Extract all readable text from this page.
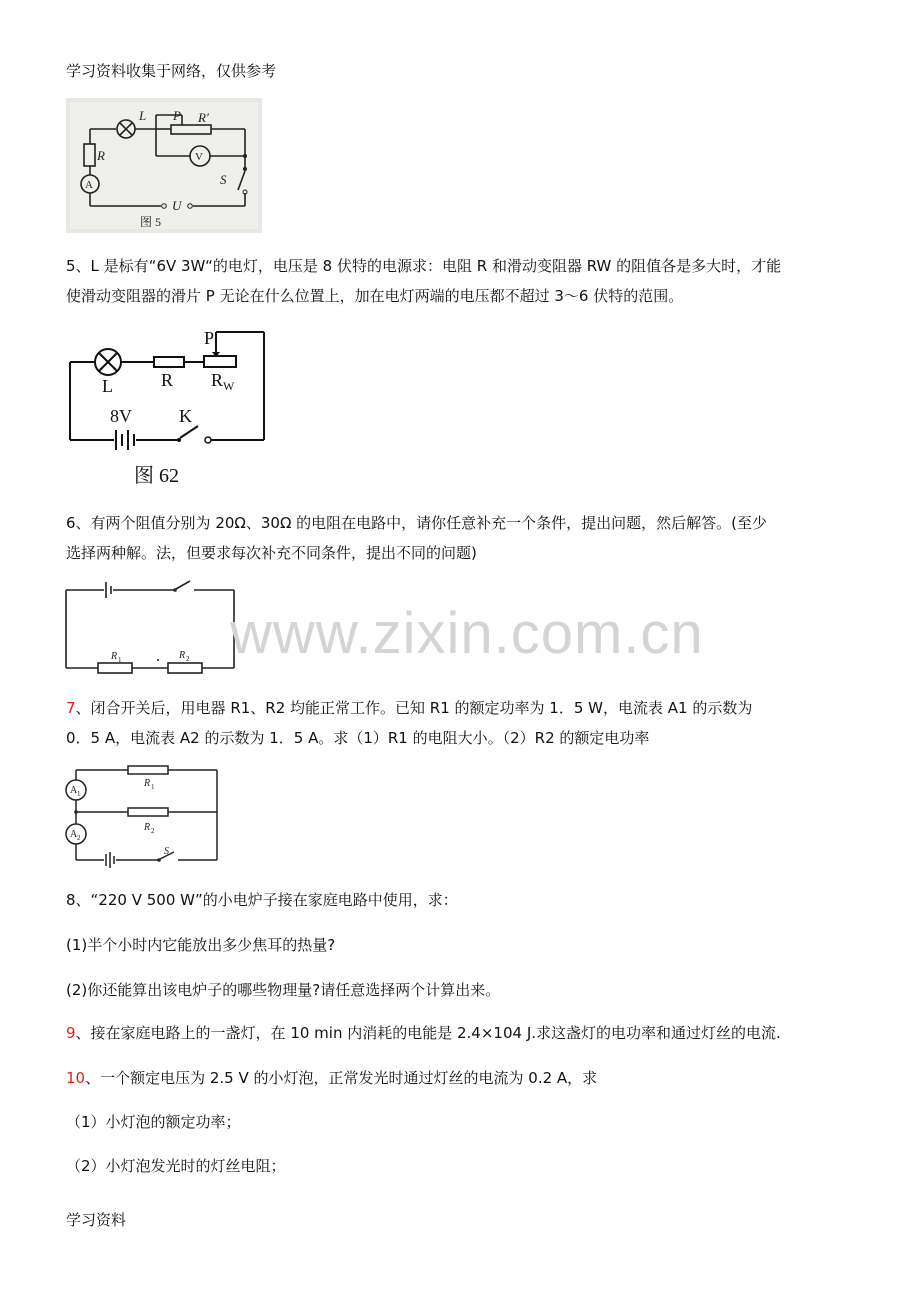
学习资料收集于网络，仅供参考
L P R′
R
S
U
A
V
图 5
5、L 是标有“6V 3W“的电灯，电压是 8 伏特的电源求：电阻 R 和滑动变阻器 RW 的阻值各是多大时，才能
使滑动变阻器的滑片 P 无论在什么位置上，加在电灯两端的电压都不超过 3～6 伏特的范围。
P
L	R R W
8V	K
图 62
6、有两个阻值分别为 20Ω、30Ω 的电阻在电路中，请你任意补充一个条件，提出问题，然后解答。(至少
选择两种解。法，但要求每次补充不同条件，提出不同的问题)
R 1	R 2 www.zixin.com.cn
7、闭合开关后，用电器 R1、R2 均能正常工作。已知 R1 的额定功率为 1．5 W，电流表 A1 的示数为
0．5 A，电流表 A2 的示数为 1．5 A。求（1）R1 的电阻大小。（2）R2 的额定电功率
R 1
R 2
S
A 1
A 2
8、“220 V 500 W”的小电炉子接在家庭电路中使用，求：
(1)半个小时内它能放出多少焦耳的热量?
(2)你还能算出该电炉子的哪些物理量?请任意选择两个计算出来。
9、接在家庭电路上的一盏灯，在 10 min 内消耗的电能是 2.4×104 J.求这盏灯的电功率和通过灯丝的电流.
10、一个额定电压为 2.5 V 的小灯泡，正常发光时通过灯丝的电流为 0.2 A，求
（1）小灯泡的额定功率；
（2）小灯泡发光时的灯丝电阻；
学习资料
